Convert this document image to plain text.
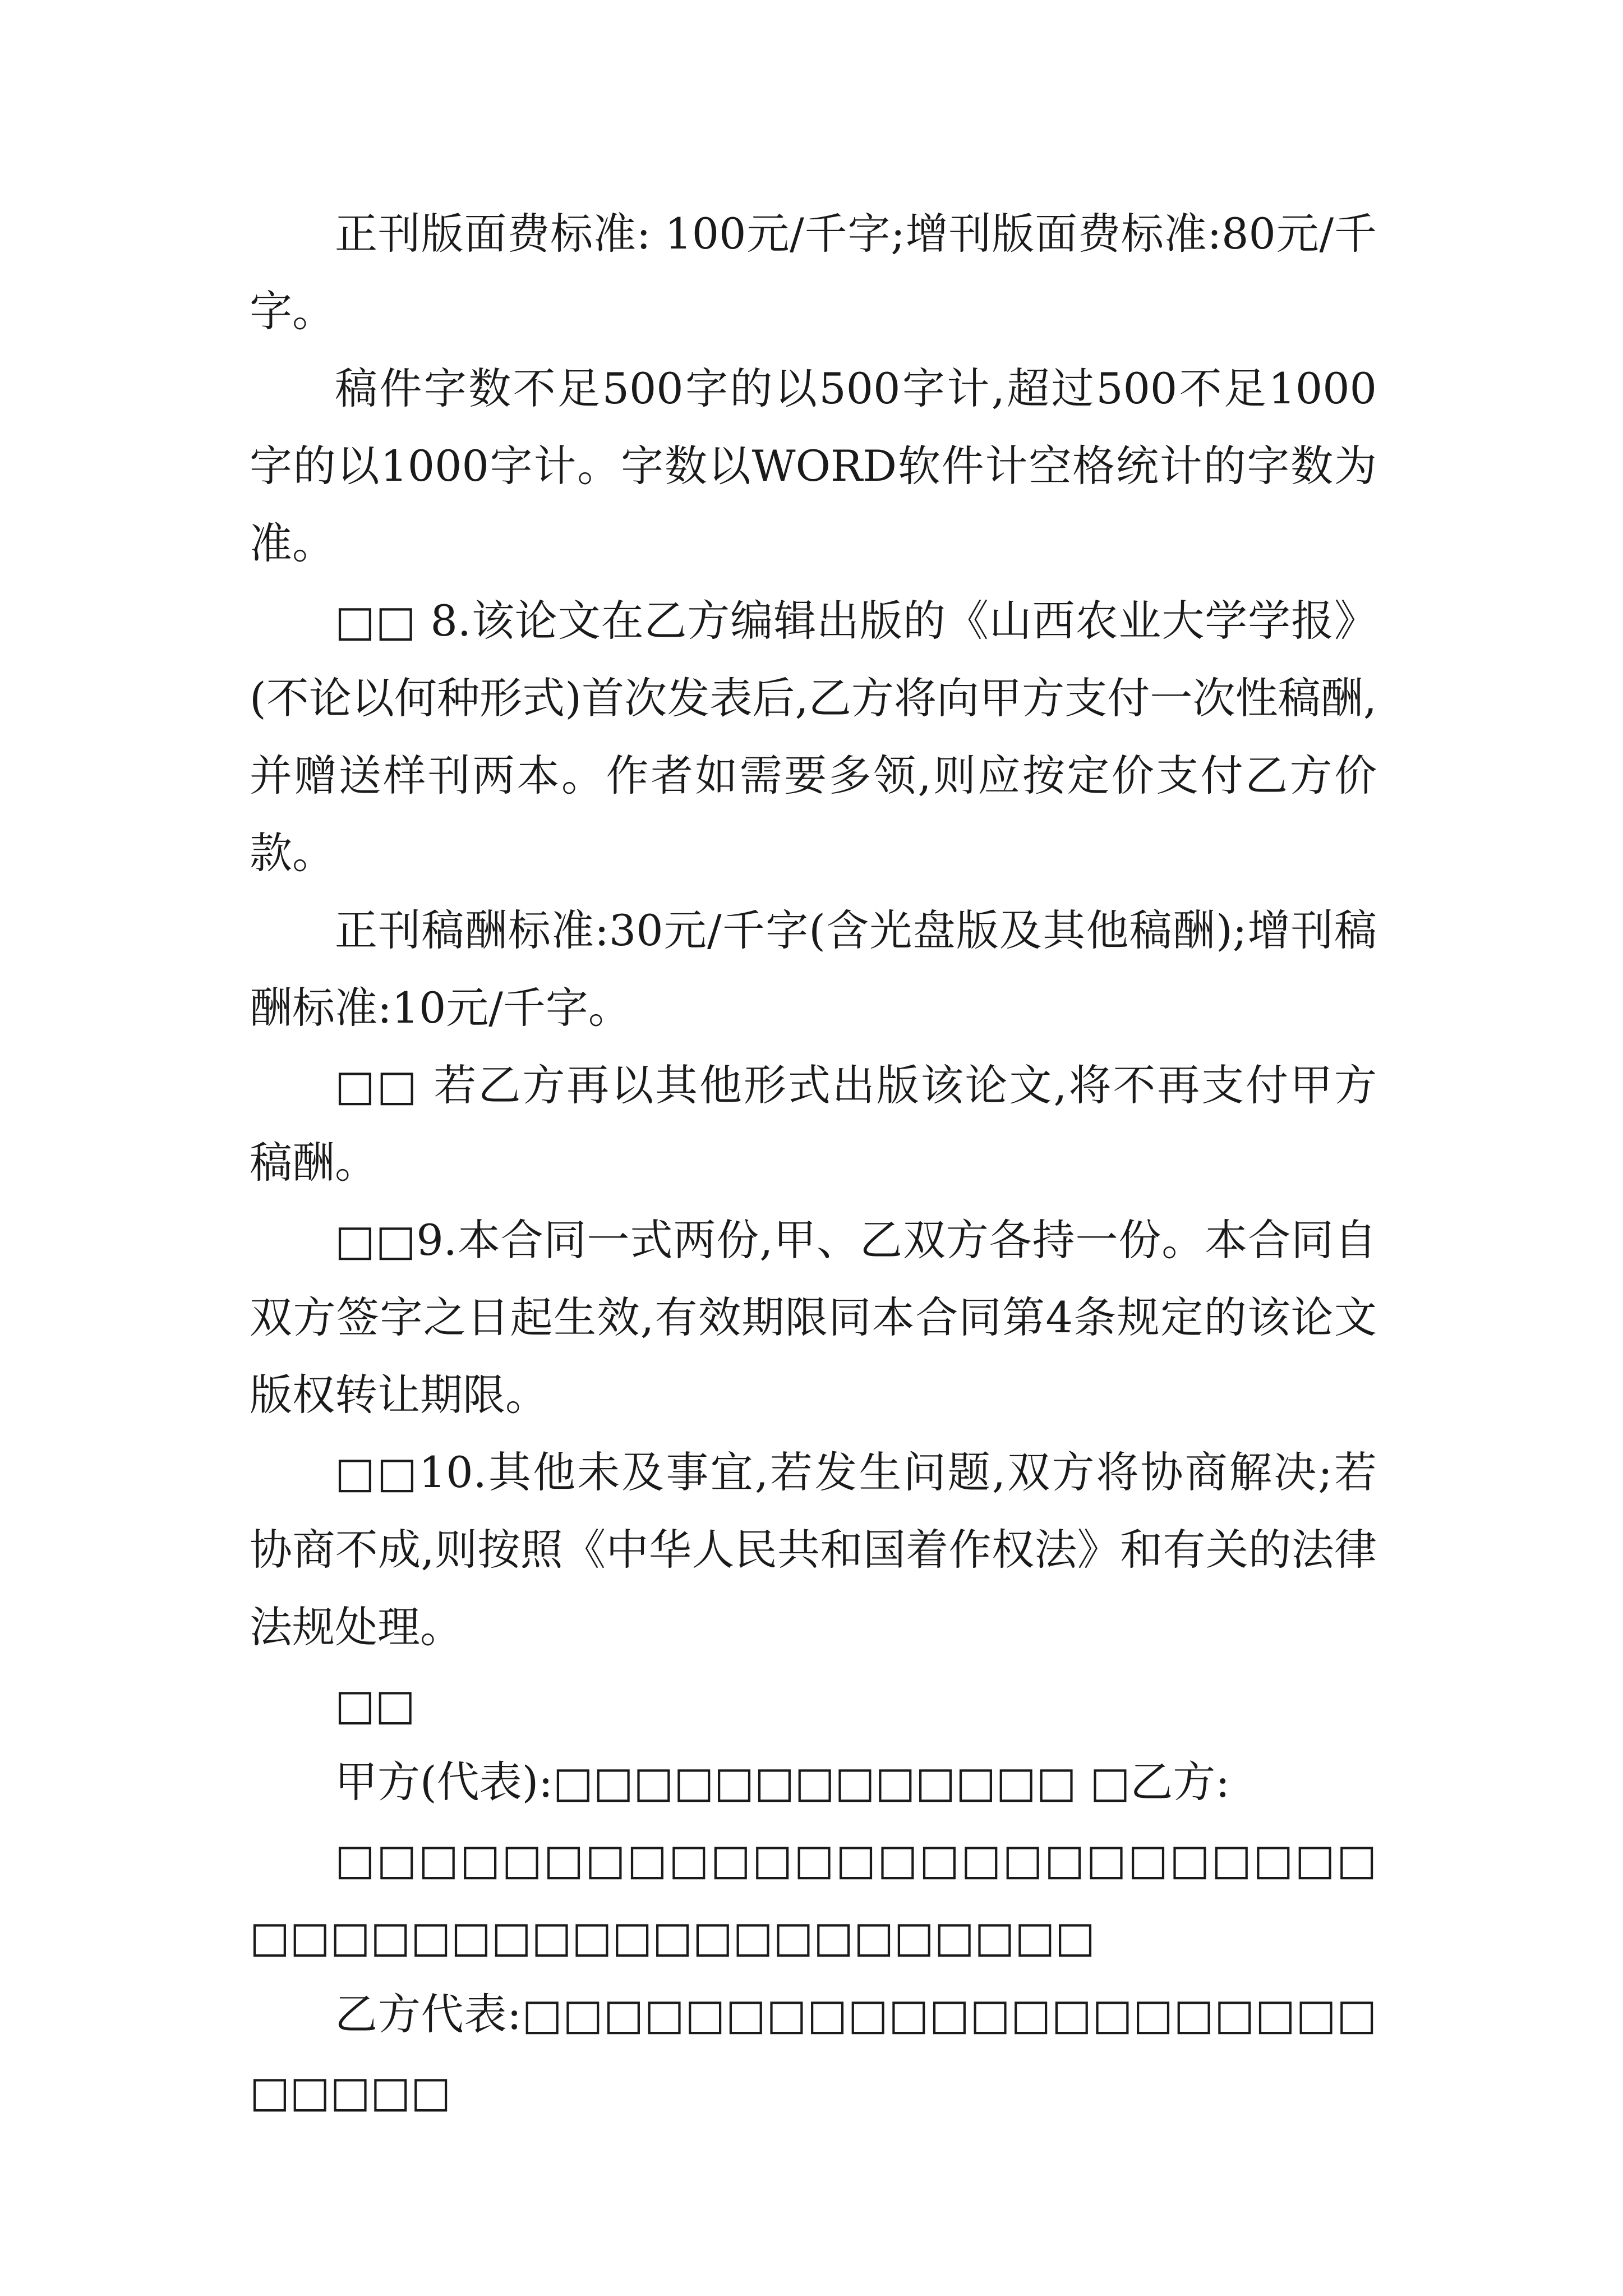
正刊版面费标准: 100元/千字;增刊版面费标准:80元/千字。

稿件字数不足500字的以500字计,超过500不足1000字的以1000字计。字数以WORD软件计空格统计的字数为准。

□□ 8.该论文在乙方编辑出版的《山西农业大学学报》(不论以何种形式)首次发表后,乙方将向甲方支付一次性稿酬,并赠送样刊两本。作者如需要多领,则应按定价支付乙方价款。

正刊稿酬标准:30元/千字(含光盘版及其他稿酬);增刊稿酬标准:10元/千字。

□□ 若乙方再以其他形式出版该论文,将不再支付甲方稿酬。

□□9.本合同一式两份,甲、乙双方各持一份。本合同自双方签字之日起生效,有效期限同本合同第4条规定的该论文版权转让期限。

□□10.其他未及事宜,若发生问题,双方将协商解决;若协商不成,则按照《中华人民共和国着作权法》和有关的法律法规处理。

□□

甲方(代表):□□□□□□□□□□□□□ □乙方:

□□□□□□□□□□□□□□□□□□□□□□□□□□□□□□□□□□□□□□□□□□□□□□

乙方代表:□□□□□□□□□□□□□□□□□□□□□□□□□□
